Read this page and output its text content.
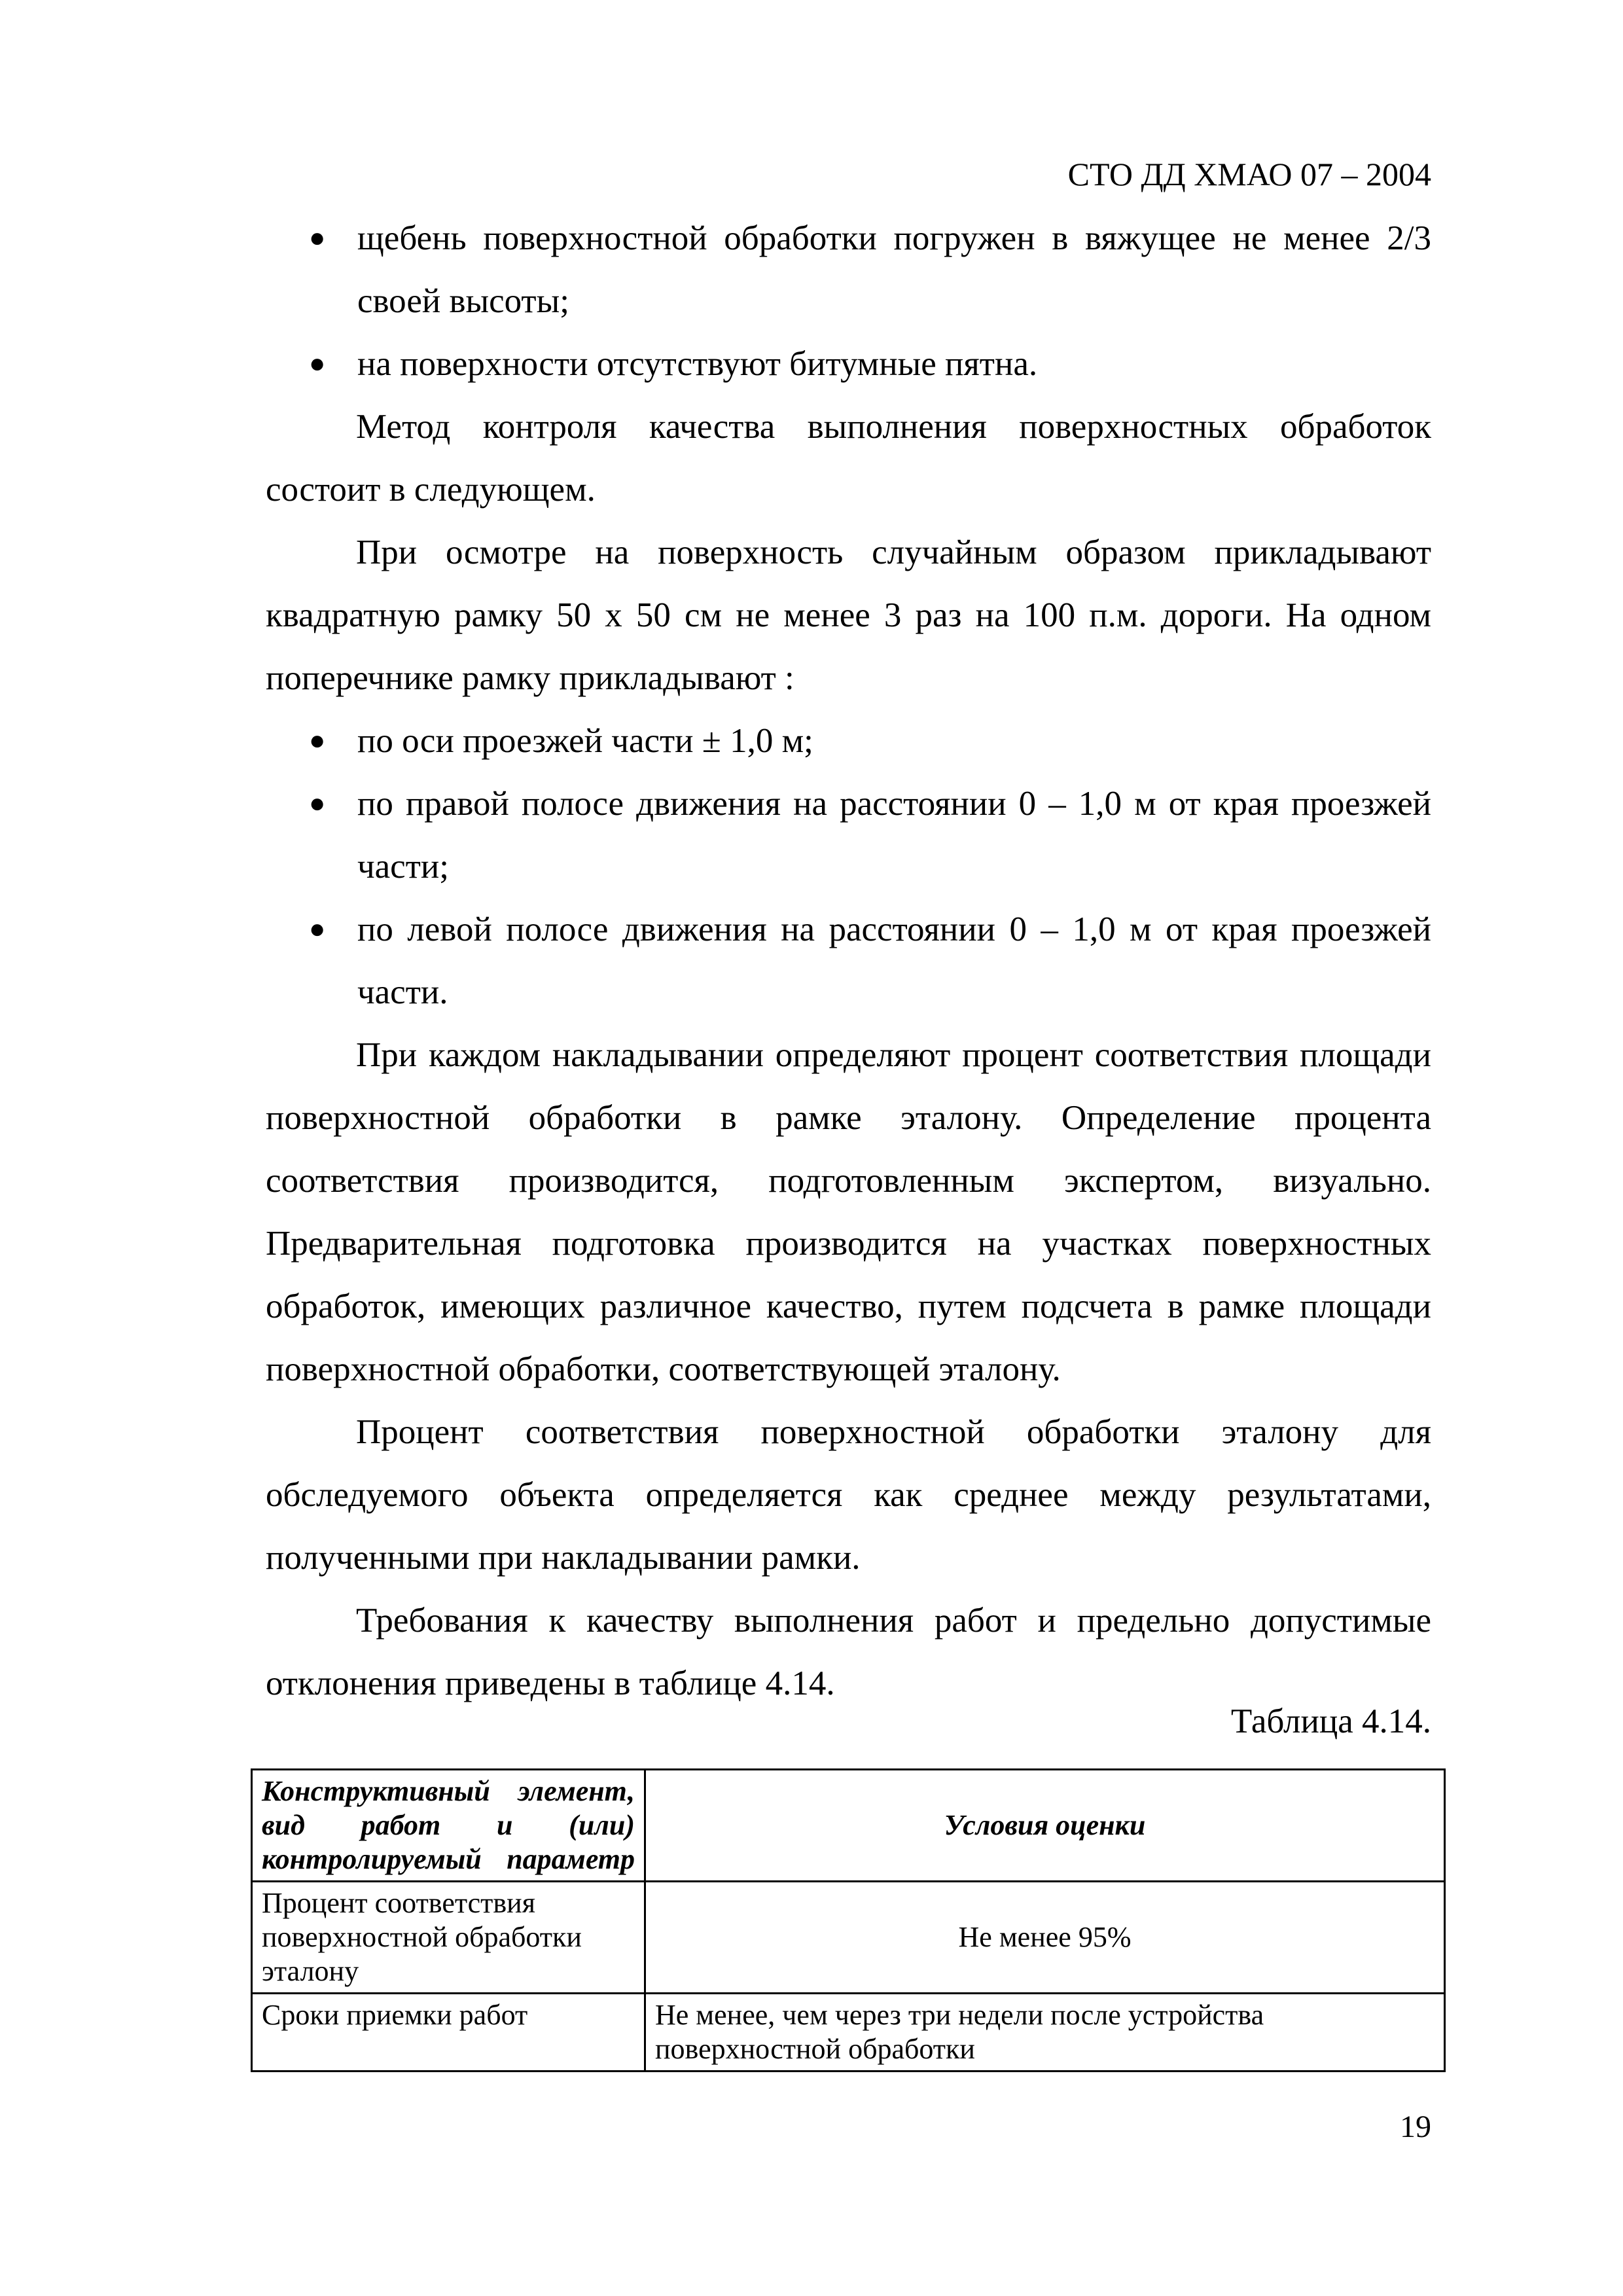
СТО ДД ХМАО 07 – 2004
● щебень поверхностной обработки погружен в вяжущее не менее 2/3 своей высоты;
● на поверхности отсутствуют битумные пятна.

Метод контроля качества выполнения поверхностных обработок состоит в следующем.

При осмотре на поверхность случайным образом прикладывают квадратную рамку 50 х 50 см не менее 3 раз на 100 п.м. дороги. На одном поперечнике рамку прикладывают :

● по оси проезжей части ± 1,0 м;
● по правой полосе движения на расстоянии 0 – 1,0 м от края проезжей части;
● по левой полосе движения на расстоянии 0 – 1,0 м от края проезжей части.

При каждом накладывании определяют процент соответствия площади поверхностной обработки в рамке эталону. Определение процента соответствия производится, подготовленным экспертом, визуально. Предварительная подготовка производится на участках поверхностных обработок, имеющих различное качество, путем подсчета в рамке площади поверхностной обработки, соответствующей эталону.

Процент соответствия поверхностной обработки эталону для обследуемого объекта определяется как среднее между результатами, полученными при накладывании рамки.

Требования к качеству выполнения работ и предельно допустимые отклонения приведены в таблице 4.14.

Таблица 4.14.
Конструктивный элемент, вид работ и (или) контролируемый параметр	Условия оценки
Процент соответствия поверхностной обработки эталону	Не менее 95%
Сроки приемки работ	Не менее, чем через три недели после устройства поверхностной обработки
19
